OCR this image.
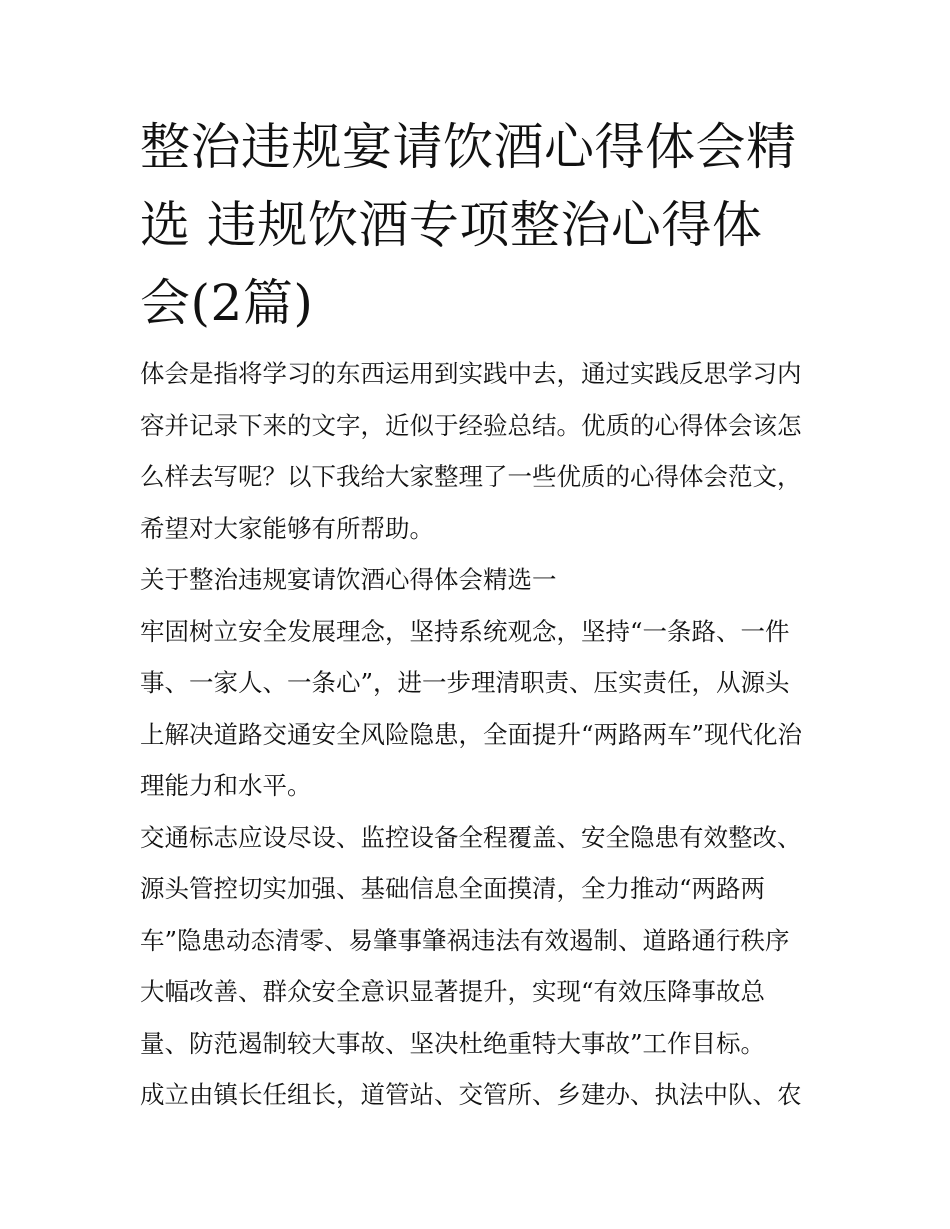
整治违规宴请饮酒心得体会精选 违规饮酒专项整治心得体会(2篇)

体会是指将学习的东西运用到实践中去，通过实践反思学习内容并记录下来的文字，近似于经验总结。优质的心得体会该怎么样去写呢？以下我给大家整理了一些优质的心得体会范文，希望对大家能够有所帮助。

关于整治违规宴请饮酒心得体会精选一

牢固树立安全发展理念，坚持系统观念，坚持“一条路、一件事、一家人、一条心”，进一步理清职责、压实责任，从源头上解决道路交通安全风险隐患，全面提升“两路两车”现代化治理能力和水平。

交通标志应设尽设、监控设备全程覆盖、安全隐患有效整改、源头管控切实加强、基础信息全面摸清，全力推动“两路两车”隐患动态清零、易肇事肇祸违法有效遏制、道路通行秩序大幅改善、群众安全意识显著提升，实现“有效压降事故总量、防范遏制较大事故、坚决杜绝重特大事故”工作目标。

成立由镇长任组长，道管站、交管所、乡建办、执法中队、农
